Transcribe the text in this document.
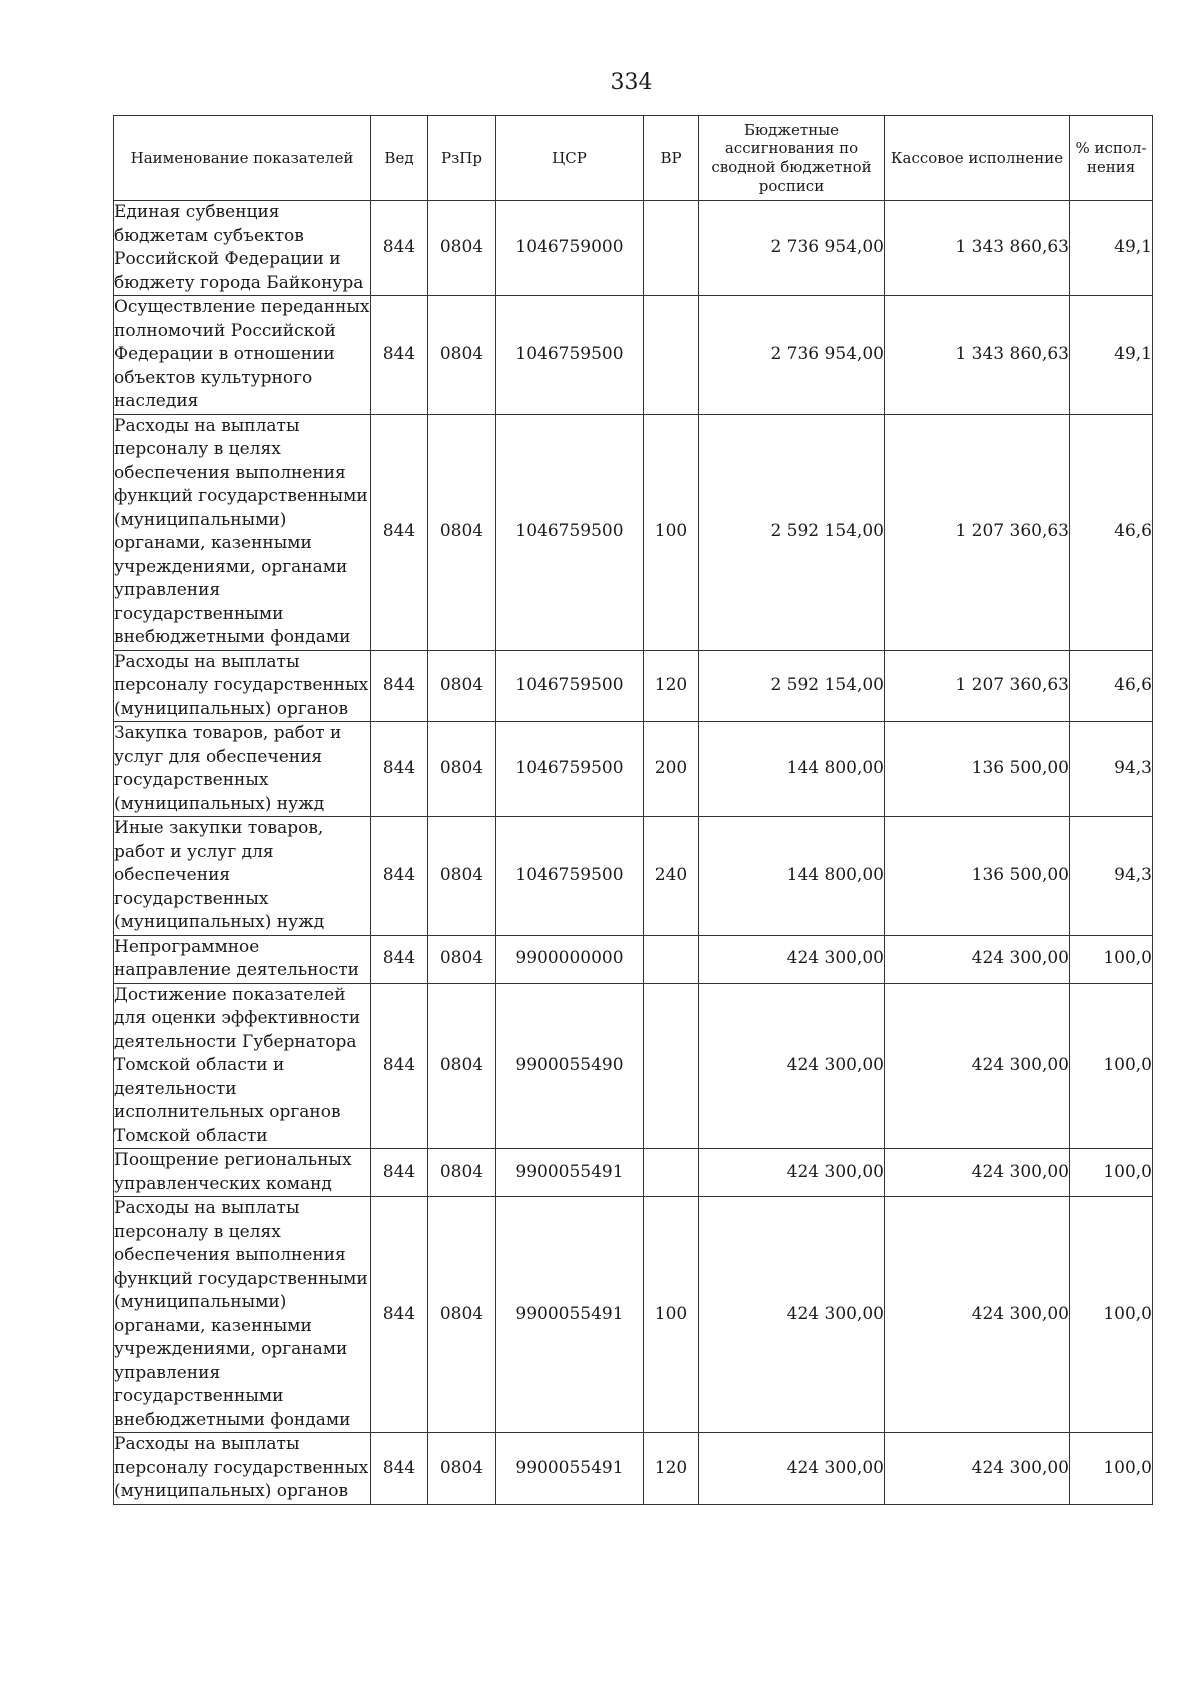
334
Наименование показателей	Вед	РзПр	ЦСР	ВР	Бюджетные ассигнования по сводной бюджетной росписи	Кассовое исполнение	% испол-нения
Единая субвенция бюджетам субъектов Российской Федерации и бюджету города Байконура	844	0804	1046759000		2 736 954,00	1 343 860,63	49,1
Осуществление переданных полномочий Российской Федерации в отношении объектов культурного наследия	844	0804	1046759500		2 736 954,00	1 343 860,63	49,1
Расходы на выплаты персоналу в целях обеспечения выполнения функций государственными (муниципальными) органами, казенными учреждениями, органами управления государственными внебюджетными фондами	844	0804	1046759500	100	2 592 154,00	1 207 360,63	46,6
Расходы на выплаты персоналу государственных (муниципальных) органов	844	0804	1046759500	120	2 592 154,00	1 207 360,63	46,6
Закупка товаров, работ и услуг для обеспечения государственных (муниципальных) нужд	844	0804	1046759500	200	144 800,00	136 500,00	94,3
Иные закупки товаров, работ и услуг для обеспечения государственных (муниципальных) нужд	844	0804	1046759500	240	144 800,00	136 500,00	94,3
Непрограммное направление деятельности	844	0804	9900000000		424 300,00	424 300,00	100,0
Достижение показателей для оценки эффективности деятельности Губернатора Томской области и деятельности исполнительных органов Томской области	844	0804	9900055490		424 300,00	424 300,00	100,0
Поощрение региональных управленческих команд	844	0804	9900055491		424 300,00	424 300,00	100,0
Расходы на выплаты персоналу в целях обеспечения выполнения функций государственными (муниципальными) органами, казенными учреждениями, органами управления государственными внебюджетными фондами	844	0804	9900055491	100	424 300,00	424 300,00	100,0
Расходы на выплаты персоналу государственных (муниципальных) органов	844	0804	9900055491	120	424 300,00	424 300,00	100,0
